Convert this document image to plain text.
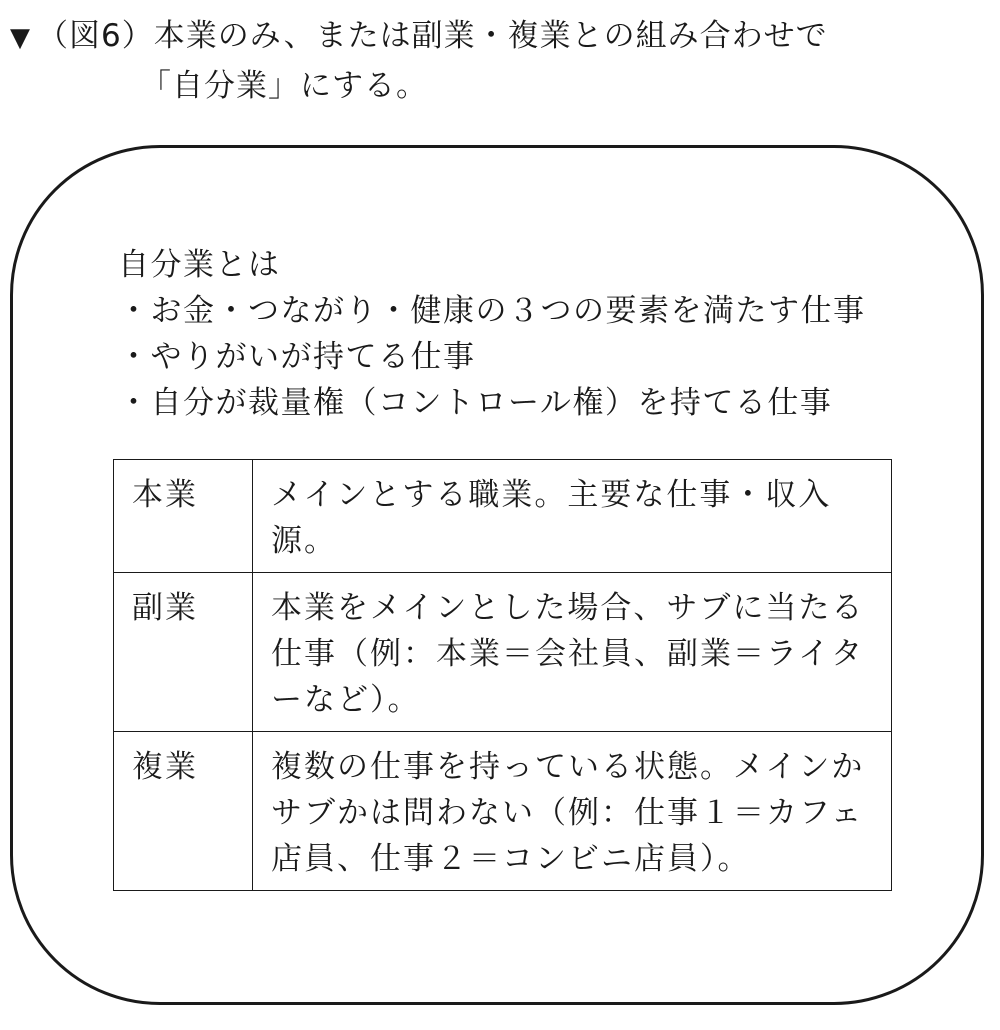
▼ （図6）本業のみ、または副業・複業との組み合わせで
「自分業」にする。
自分業とは
・お金・つながり・健康の３つの要素を満たす仕事
・やりがいが持てる仕事
・自分が裁量権（コントロール権）を持てる仕事
本業	メインとする職業。主要な仕事・収入源。
副業	本業をメインとした場合、サブに当たる仕事（例：本業＝会社員、副業＝ライターなど）。
複業	複数の仕事を持っている状態。メインかサブかは問わない（例：仕事１＝カフェ店員、仕事２＝コンビニ店員）。
